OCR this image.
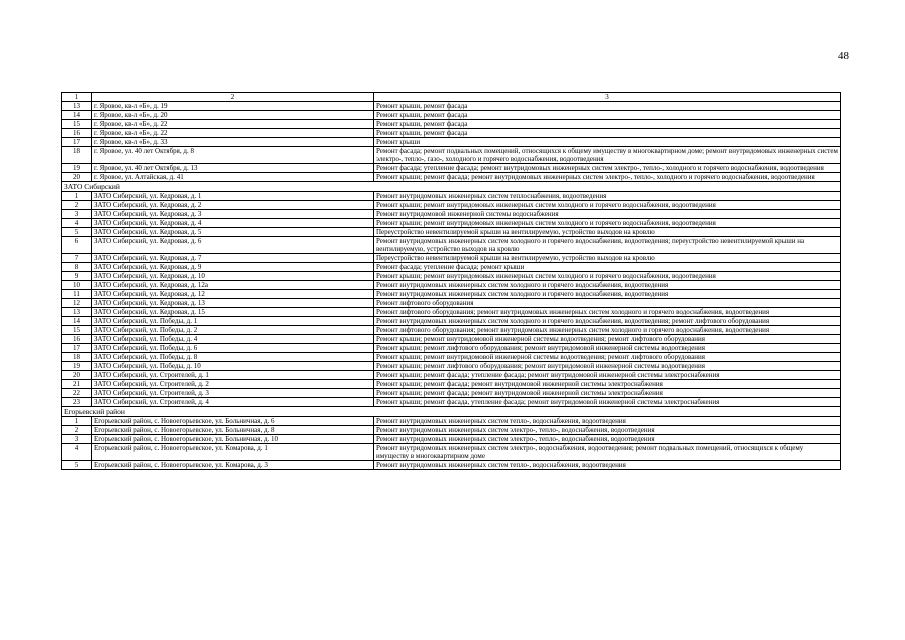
48
1	2	3
13	г. Яровое, кв-л «Б», д. 19	Ремонт крыши, ремонт фасада
14	г. Яровое, кв-л «Б», д. 20	Ремонт крыши, ремонт фасада
15	г. Яровое, кв-л «Б», д. 22	Ремонт крыши, ремонт фасада
16	г. Яровое, кв-л «Б», д. 22	Ремонт крыши, ремонт фасада
17	г. Яровое, кв-л «Б», д. 33	Ремонт крыши
18	г. Яровое, ул. 40 лет Октября, д. 8	Ремонт фасада; ремонт подвальных помещений, относящихся к общему имуществу в многоквартирном доме; ремонт внутридомовых инженерных систем электро-, тепло-, газо-, холодного и горячего водоснабжения, водоотведения
19	г. Яровое, ул. 40 лет Октября, д. 13	Ремонт фасада; утепление фасада; ремонт внутридомовых инженерных систем электро-, тепло-, холодного и горячего водоснабжения, водоотведения
20	г. Яровое, ул. Алтайская, д. 41	Ремонт крыши; ремонт фасада; ремонт внутридомовых инженерных систем электро-, тепло-, холодного и горячего водоснабжения, водоотведения
ЗАТО Сибирский		
1	ЗАТО Сибирский, ул. Кедровая, д. 1	Ремонт внутридомовых инженерных систем теплоснабжения, водоотведения
2	ЗАТО Сибирский, ул. Кедровая, д. 2	Ремонт крыши; ремонт внутридомовых инженерных систем холодного и горячего водоснабжения, водоотведения
3	ЗАТО Сибирский, ул. Кедровая, д. 3	Ремонт внутридомовой инженерной системы водоснабжения
4	ЗАТО Сибирский, ул. Кедровая, д. 4	Ремонт крыши; ремонт внутридомовых инженерных систем холодного и горячего водоснабжения, водоотведения
5	ЗАТО Сибирский, ул. Кедровая, д. 5	Переустройство невентилируемой крыши на вентилируемую, устройство выходов на кровлю
6	ЗАТО Сибирский, ул. Кедровая, д. 6	Ремонт внутридомовых инженерных систем холодного и горячего водоснабжения, водоотведения; переустройство невентилируемой крыши на вентилируемую, устройство выходов на кровлю
7	ЗАТО Сибирский, ул. Кедровая, д. 7	Переустройство невентилируемой крыши на вентилируемую, устройство выходов на кровлю
8	ЗАТО Сибирский, ул. Кедровая, д. 9	Ремонт фасада; утепление фасада; ремонт крыши
9	ЗАТО Сибирский, ул. Кедровая, д. 10	Ремонт крыши; ремонт внутридомовых инженерных систем холодного и горячего водоснабжения, водоотведения
10	ЗАТО Сибирский, ул. Кедровая, д. 12а	Ремонт внутридомовых инженерных систем холодного и горячего водоснабжения, водоотведения
11	ЗАТО Сибирский, ул. Кедровая, д. 12	Ремонт внутридомовых инженерных систем холодного и горячего водоснабжения, водоотведения
12	ЗАТО Сибирский, ул. Кедровая, д. 13	Ремонт лифтового оборудования
13	ЗАТО Сибирский, ул. Кедровая, д. 15	Ремонт лифтового оборудования; ремонт внутридомовых инженерных систем холодного и горячего водоснабжения, водоотведения
14	ЗАТО Сибирский, ул. Победы, д. 1	Ремонт внутридомовых инженерных систем холодного и горячего водоснабжения, водоотведения; ремонт лифтового оборудования
15	ЗАТО Сибирский, ул. Победы, д. 2	Ремонт лифтового оборудования; ремонт внутридомовых инженерных систем холодного и горячего водоснабжения, водоотведения
16	ЗАТО Сибирский, ул. Победы, д. 4	Ремонт крыши; ремонт внутридомовой инженерной системы водоотведения; ремонт лифтового оборудования
17	ЗАТО Сибирский, ул. Победы, д. 6	Ремонт крыши; ремонт лифтового оборудования; ремонт внутридомовой инженерной системы водоотведения
18	ЗАТО Сибирский, ул. Победы, д. 8	Ремонт крыши; ремонт внутридомовой инженерной системы водоотведения; ремонт лифтового оборудования
19	ЗАТО Сибирский, ул. Победы, д. 10	Ремонт крыши; ремонт лифтового оборудования; ремонт внутридомовой инженерной системы водоотведения
20	ЗАТО Сибирский, ул. Строителей, д. 1	Ремонт крыши; ремонт фасада; утепление фасада; ремонт внутридомовой инженерной системы электроснабжения
21	ЗАТО Сибирский, ул. Строителей, д. 2	Ремонт крыши; ремонт фасада; ремонт внутридомовой инженерной системы электроснабжения
22	ЗАТО Сибирский, ул. Строителей, д. 3	Ремонт крыши; ремонт фасада; ремонт внутридомовой инженерной системы электроснабжения
23	ЗАТО Сибирский, ул. Строителей, д. 4	Ремонт крыши; ремонт фасада, утепление фасада; ремонт внутридомовой инженерной системы электроснабжения
Егорьевский район		
1	Егорьевский район, с. Новоегорьевское, ул. Больничная, д. 6	Ремонт внутридомовых инженерных систем тепло-, водоснабжения, водоотведения
2	Егорьевский район, с. Новоегорьевское, ул. Больничная, д. 8	Ремонт внутридомовых инженерных систем электро-, тепло-, водоснабжения, водоотведения
3	Егорьевский район, с. Новоегорьевское, ул. Больничная, д. 10	Ремонт внутридомовых инженерных систем электро-, тепло-, водоснабжения, водоотведения
4	Егорьевский район, с. Новоегорьевское, ул. Комарова, д. 1	Ремонт внутридомовых инженерных систем электро-, водоснабжения, водоотведения; ремонт подвальных помещений, относящихся к общему имуществу в многоквартирном доме
5	Егорьевский район, с. Новоегорьевское, ул. Комарова, д. 3	Ремонт внутридомовых инженерных систем тепло-, водоснабжения, водоотведения
